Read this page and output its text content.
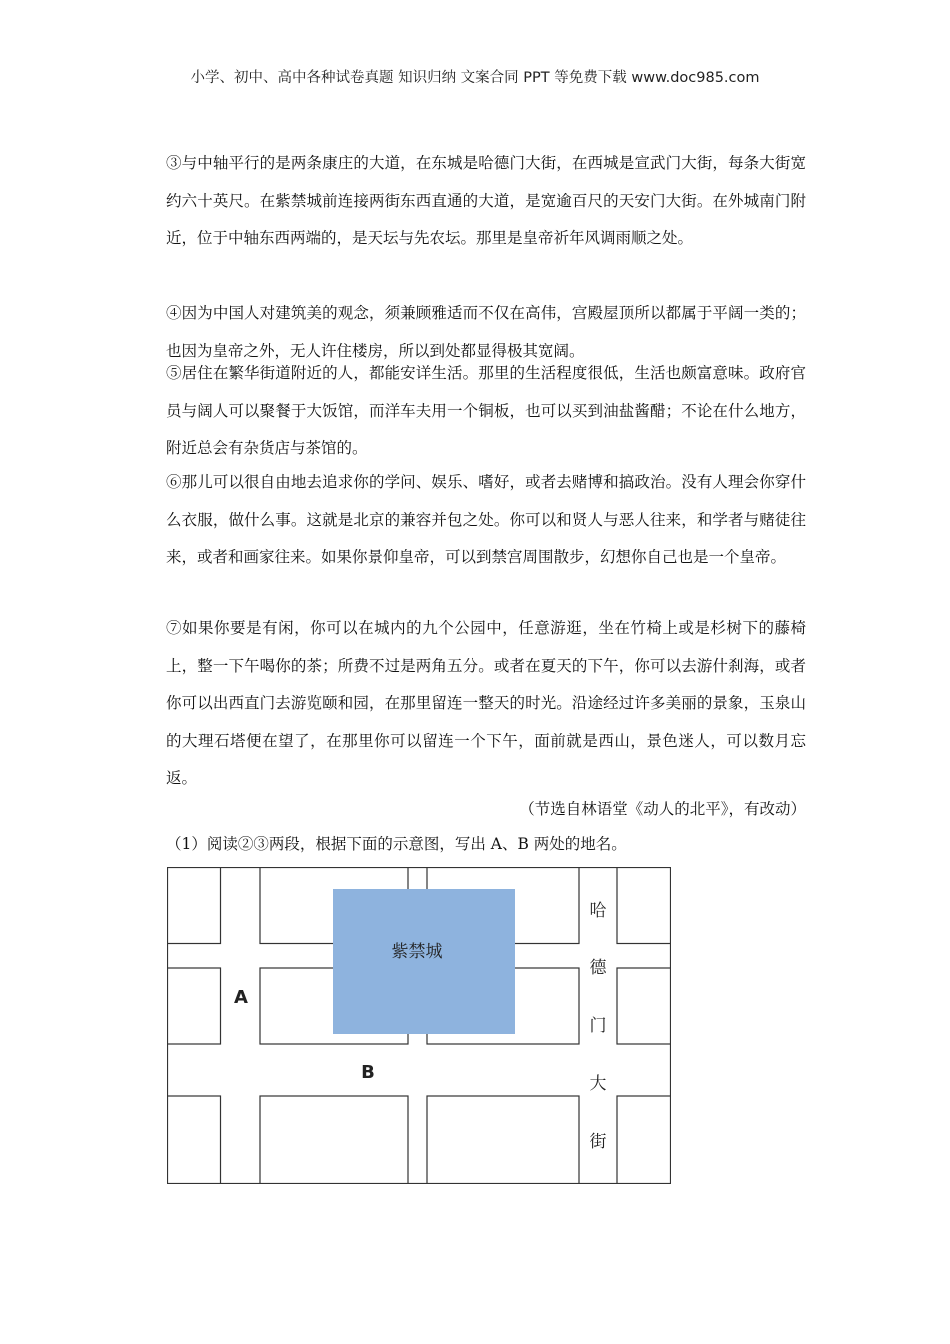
小学、初中、高中各种试卷真题 知识归纳 文案合同 PPT 等免费下载 www.doc985.com

③与中轴平行的是两条康庄的大道，在东城是哈德门大街，在西城是宣武门大街，每条大街宽约六十英尺。在紫禁城前连接两街东西直通的大道，是宽逾百尺的天安门大街。在外城南门附近，位于中轴东西两端的，是天坛与先农坛。那里是皇帝祈年风调雨顺之处。

④因为中国人对建筑美的观念，须兼顾雅适而不仅在高伟，宫殿屋顶所以都属于平阔一类的；也因为皇帝之外，无人许住楼房，所以到处都显得极其宽阔。

⑤居住在繁华街道附近的人，都能安详生活。那里的生活程度很低，生活也颇富意味。政府官员与阔人可以聚餐于大饭馆，而洋车夫用一个铜板，也可以买到油盐酱醋；不论在什么地方，附近总会有杂货店与茶馆的。

⑥那儿可以很自由地去追求你的学问、娱乐、嗜好，或者去赌博和搞政治。没有人理会你穿什么衣服，做什么事。这就是北京的兼容并包之处。你可以和贤人与恶人往来，和学者与赌徒往来，或者和画家往来。如果你景仰皇帝，可以到禁宫周围散步，幻想你自己也是一个皇帝。

⑦如果你要是有闲，你可以在城内的九个公园中，任意游逛，坐在竹椅上或是杉树下的藤椅上，整一下午喝你的茶；所费不过是两角五分。或者在夏天的下午，你可以去游什刹海，或者你可以出西直门去游览颐和园，在那里留连一整天的时光。沿途经过许多美丽的景象，玉泉山的大理石塔便在望了，在那里你可以留连一个下午，面前就是西山，景色迷人，可以数月忘返。

（节选自林语堂《动人的北平》，有改动）
（1）阅读②③两段，根据下面的示意图，写出 A、B 两处的地名。
紫禁城
A
B
哈
德
门
大
街
